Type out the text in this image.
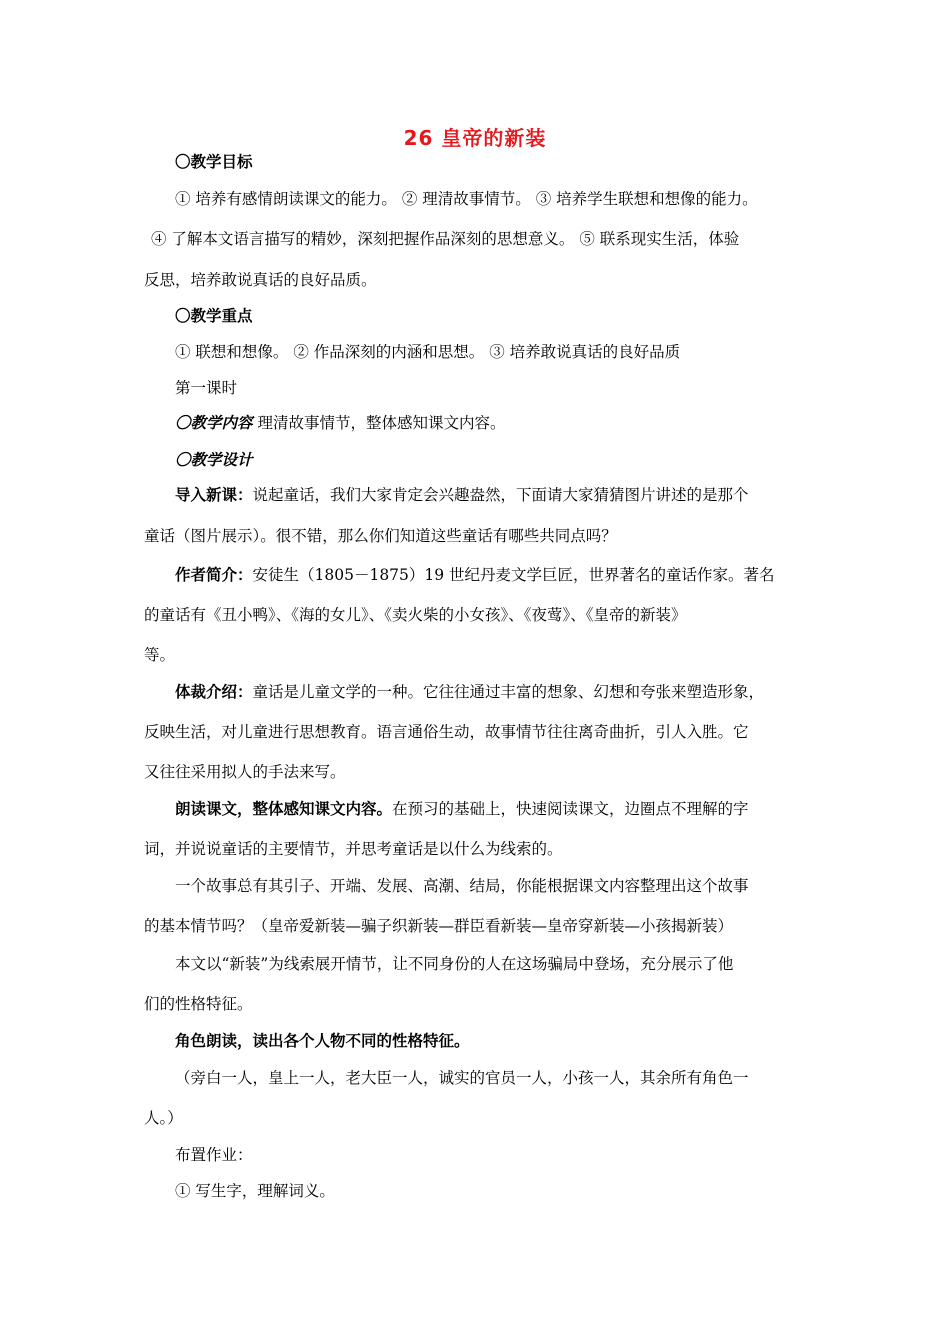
26 皇帝的新装
〇教学目标
① 培养有感情朗读课文的能力。 ② 理清故事情节。 ③ 培养学生联想和想像的能力。
④ 了解本文语言描写的精妙，深刻把握作品深刻的思想意义。 ⑤ 联系现实生活，体验
反思，培养敢说真话的良好品质。
〇教学重点
① 联想和想像。 ② 作品深刻的内涵和思想。 ③ 培养敢说真话的良好品质
第一课时
〇教学内容 理清故事情节，整体感知课文内容。
〇教学设计
导入新课：说起童话，我们大家肯定会兴趣盎然，下面请大家猜猜图片讲述的是那个
童话（图片展示）。很不错，那么你们知道这些童话有哪些共同点吗？
作者简介：安徒生（1805－1875）19 世纪丹麦文学巨匠，世界著名的童话作家。著名
的童话有《丑小鸭》、《海的女儿》、《卖火柴的小女孩》、《夜莺》、《皇帝的新装》
等。
体裁介绍：童话是儿童文学的一种。它往往通过丰富的想象、幻想和夸张来塑造形象，
反映生活，对儿童进行思想教育。语言通俗生动，故事情节往往离奇曲折，引人入胜。它
又往往采用拟人的手法来写。
朗读课文，整体感知课文内容。在预习的基础上，快速阅读课文，边圈点不理解的字
词，并说说童话的主要情节，并思考童话是以什么为线索的。
一个故事总有其引子、开端、发展、高潮、结局，你能根据课文内容整理出这个故事
的基本情节吗？（皇帝爱新装—骗子织新装—群臣看新装—皇帝穿新装—小孩揭新装）
本文以“新装”为线索展开情节，让不同身份的人在这场骗局中登场，充分展示了他
们的性格特征。
角色朗读，读出各个人物不同的性格特征。
（旁白一人，皇上一人，老大臣一人，诚实的官员一人，小孩一人，其余所有角色一
人。）
布置作业：
① 写生字，理解词义。
